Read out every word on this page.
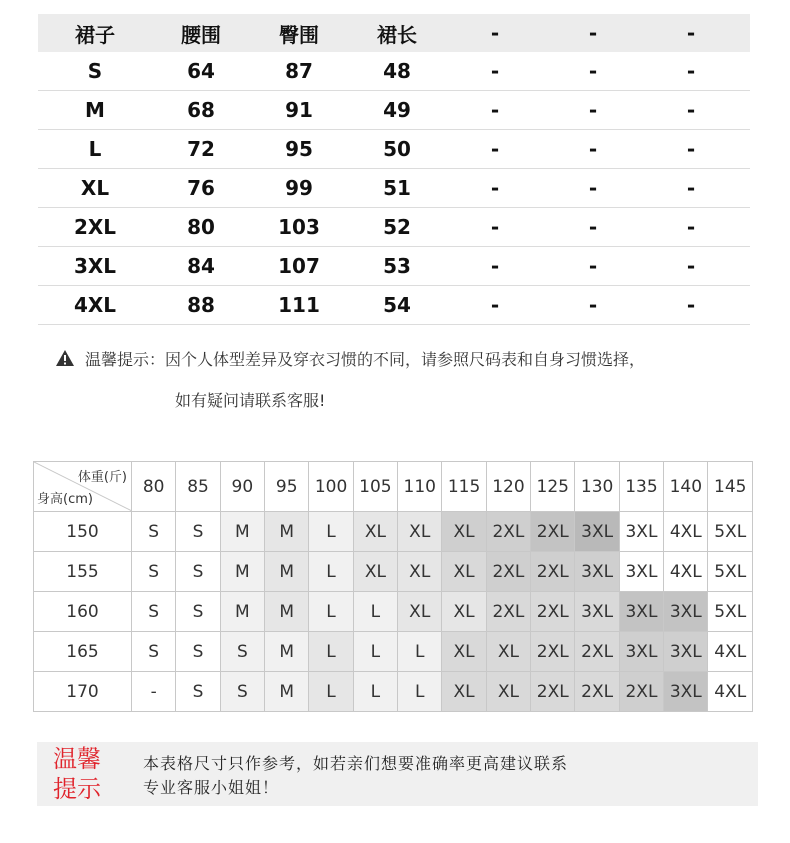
裙子	腰围	臀围	裙长	-	-	-
S	64	87	48	-	-	-
M	68	91	49	-	-	-
L	72	95	50	-	-	-
XL	76	99	51	-	-	-
2XL	80	103	52	-	-	-
3XL	84	107	53	-	-	-
4XL	88	111	54	-	-	-
温馨提示：因个人体型差异及穿衣习惯的不同，请参照尺码表和自身习惯选择，
如有疑问请联系客服!
体重(斤)
身高(cm)	80	85	90	95	100	105	110	115	120	125	130	135	140	145
150	S	S	M	M	L	XL	XL	XL	2XL	2XL	3XL	3XL	4XL	5XL
155	S	S	M	M	L	XL	XL	XL	2XL	2XL	3XL	3XL	4XL	5XL
160	S	S	M	M	L	L	XL	XL	2XL	2XL	3XL	3XL	3XL	5XL
165	S	S	S	M	L	L	L	XL	XL	2XL	2XL	3XL	3XL	4XL
170	-	S	S	M	L	L	L	XL	XL	2XL	2XL	2XL	3XL	4XL
温馨
提示
本表格尺寸只作参考，如若亲们想要准确率更高建议联系
专业客服小姐姐！
